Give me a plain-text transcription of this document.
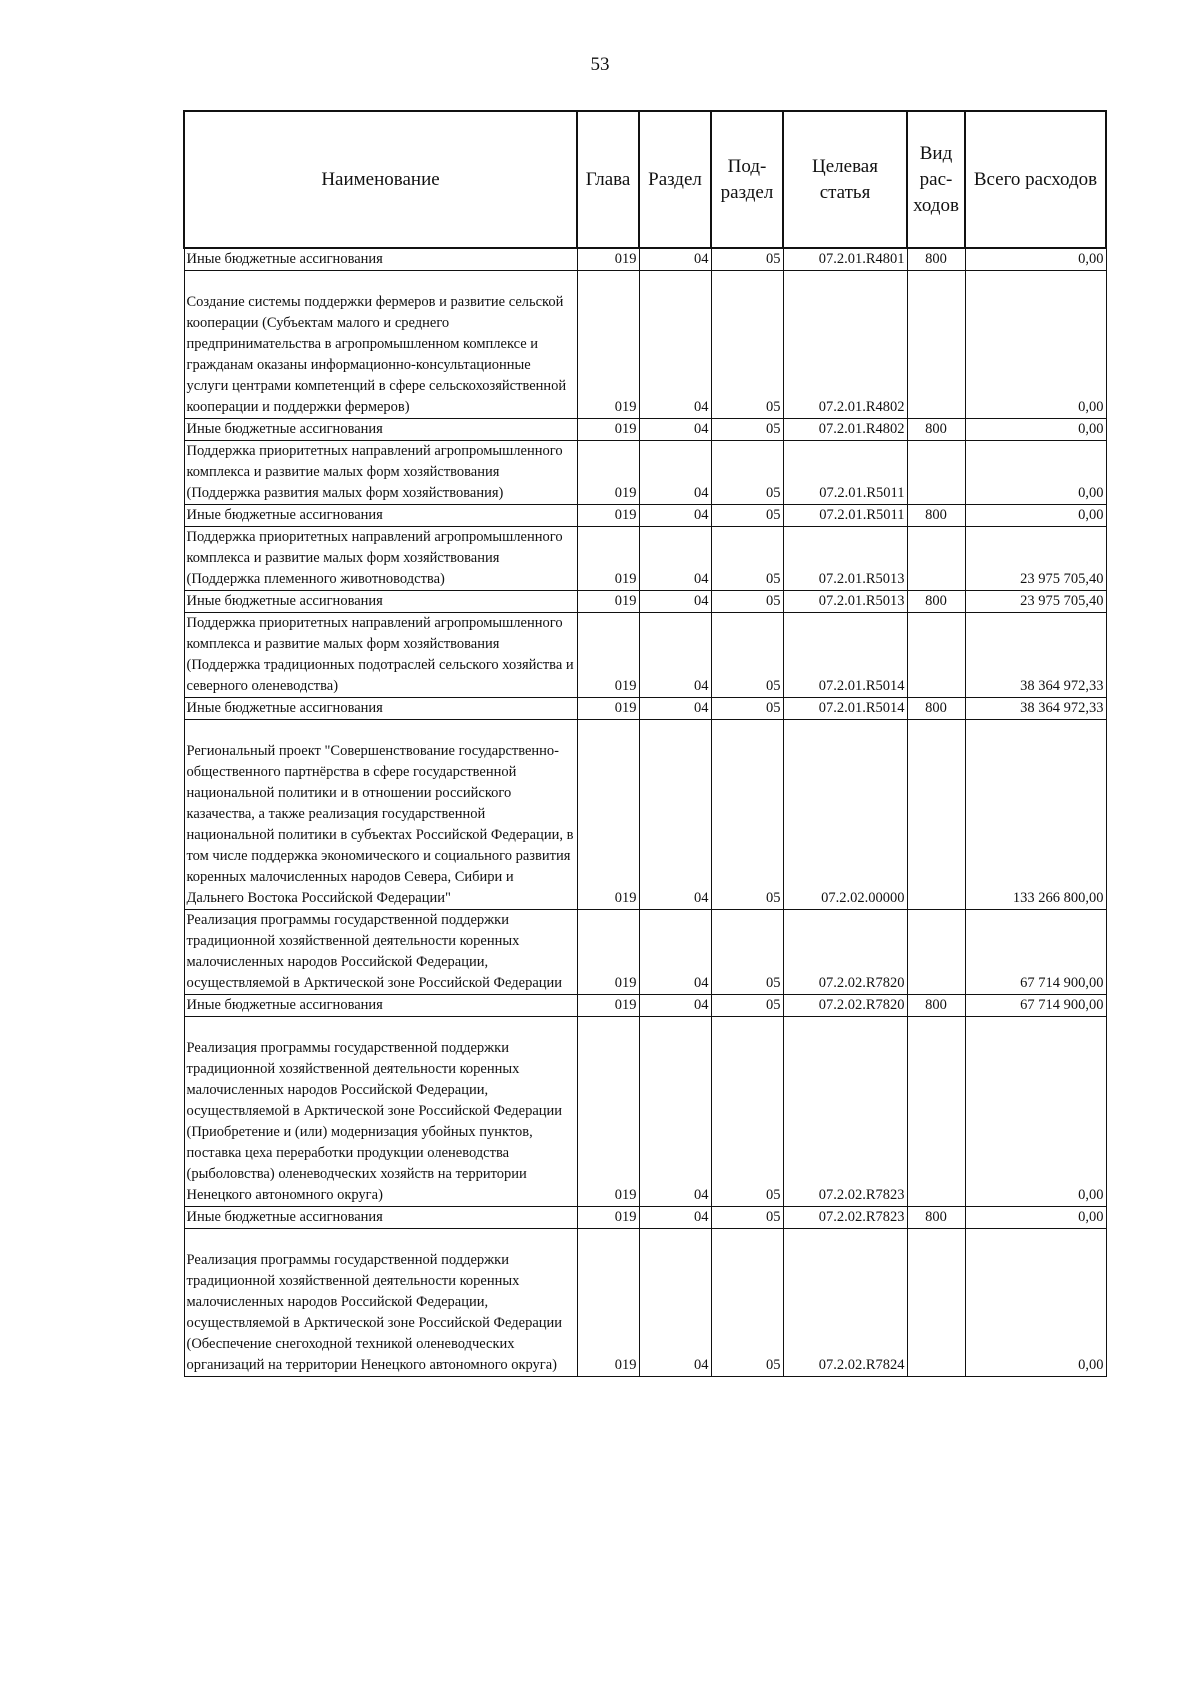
53
Наименование	Глава	Раздел	Под-раздел	Целевая статья	Вид рас-ходов	Всего расходов
Иные бюджетные ассигнования	019	04	05	07.2.01.R4801	800	0,00
Создание системы поддержки фермеров и развитие сельской кооперации (Субъектам малого и среднего предпринимательства в агропромышленном комплексе и гражданам оказаны информационно-консультационные услуги центрами компетенций в сфере сельскохозяйственной кооперации и поддержки фермеров)	019	04	05	07.2.01.R4802		0,00
Иные бюджетные ассигнования	019	04	05	07.2.01.R4802	800	0,00
Поддержка приоритетных направлений агропромышленного комплекса и развитие малых форм хозяйствования (Поддержка развития малых форм хозяйствования)	019	04	05	07.2.01.R5011		0,00
Иные бюджетные ассигнования	019	04	05	07.2.01.R5011	800	0,00
Поддержка приоритетных направлений агропромышленного комплекса и развитие малых форм хозяйствования (Поддержка племенного животноводства)	019	04	05	07.2.01.R5013		23 975 705,40
Иные бюджетные ассигнования	019	04	05	07.2.01.R5013	800	23 975 705,40
Поддержка приоритетных направлений агропромышленного комплекса и развитие малых форм хозяйствования (Поддержка традиционных подотраслей сельского хозяйства и северного оленеводства)	019	04	05	07.2.01.R5014		38 364 972,33
Иные бюджетные ассигнования	019	04	05	07.2.01.R5014	800	38 364 972,33
Региональный проект "Совершенствование государственно-общественного партнёрства в сфере государственной национальной политики и в отношении российского казачества, а также реализация государственной национальной политики в субъектах Российской Федерации, в том числе поддержка экономического и социального развития коренных малочисленных народов Севера, Сибири и Дальнего Востока Российской Федерации"	019	04	05	07.2.02.00000		133 266 800,00
Реализация программы государственной поддержки традиционной хозяйственной деятельности коренных малочисленных народов Российской Федерации, осуществляемой в Арктической зоне Российской Федерации	019	04	05	07.2.02.R7820		67 714 900,00
Иные бюджетные ассигнования	019	04	05	07.2.02.R7820	800	67 714 900,00
Реализация программы государственной поддержки традиционной хозяйственной деятельности коренных малочисленных народов Российской Федерации, осуществляемой в Арктической зоне Российской Федерации (Приобретение и (или) модернизация убойных пунктов, поставка цеха переработки продукции оленеводства (рыболовства) оленеводческих хозяйств на территории Ненецкого автономного округа)	019	04	05	07.2.02.R7823		0,00
Иные бюджетные ассигнования	019	04	05	07.2.02.R7823	800	0,00
Реализация программы государственной поддержки традиционной хозяйственной деятельности коренных малочисленных народов Российской Федерации, осуществляемой в Арктической зоне Российской Федерации (Обеспечение снегоходной техникой оленеводческих организаций на территории Ненецкого автономного округа)	019	04	05	07.2.02.R7824		0,00
